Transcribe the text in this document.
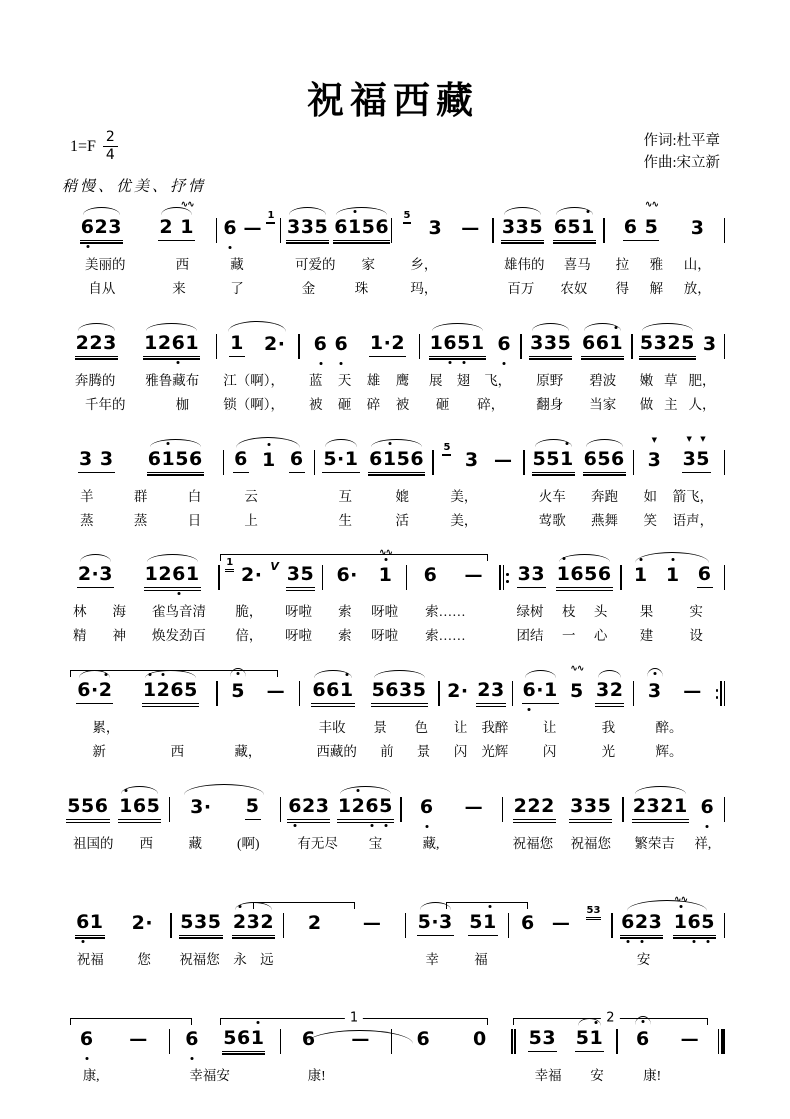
祝福西藏
$1=F \frac{2}{4}$	作词:杜平章
作曲:宋立新
稍慢、优美、抒情
6
23 2 1
∿∿
6 —
1
335 61
56
5
3 — 335 651 6 5
∿∿
3
美丽的	西	藏	可爱的 家	乡，	雄伟的 喜马 拉 雅 山，
自从	来	了	金	珠	玛，	百万 农奴 得 解 放，
223 126
1 1 2· 6 6 1·2 16
5
1 6 335 661 5325 3
奔腾的 雅鲁藏布 江（啊）， 蓝 天 雄 鹰 展 翅 飞， 原野 碧波 嫩 草 肥，
千年的	枷	锁（啊）， 被 砸 碎 被 砸 碎， 翻身 当家 做 主 人，
3 3 61
56 6 1 6 5·1 61
56
5
3 — 551 656 3
▼
3
▼
5
▼
羊	群	白	云	互	媲	美，	火车 奔跑 如 箭飞，
蒸	蒸	日	上	生	活	美，	莺歌 燕舞 笑 语声，
2·3 126
1
1
2· V 35 6· 1
∿∿
6 — 33 1
656 1 1 6
林 海 雀鸟音清 脆， 呀啦 索 呀啦 索……	绿树 枝 头 果	实
精 神 焕发劲百 倍， 呀啦 索 呀啦 索……	团结 一 心 建	设
6·2 1
2
65 5 — 661 5635 2· 23 6
·1 5
∿∿
32 3 —
累，	丰收 景 色 让 我醉	让	我	醉。
新	西	藏，	西藏的 前 景 闪 光辉	闪	光	辉。
556 1
65 3· 5 6
23 12
6
5 6 — 222 335 2321 6
祖国的 西	藏	(啊)	有无尽 宝	藏,	祝福您 祝福您 繁荣吉 祥,
6
1 2· 535 2
32 2 — 5·3 51 6 —
53
6
2
3 1
∿∿
6
5
祝福 您 祝福您 永 远	幸	福	安
1	2
6 — 6 561 6 — 6 0 53 51 6 —
康,	幸福安	康!	幸福 安	康!
